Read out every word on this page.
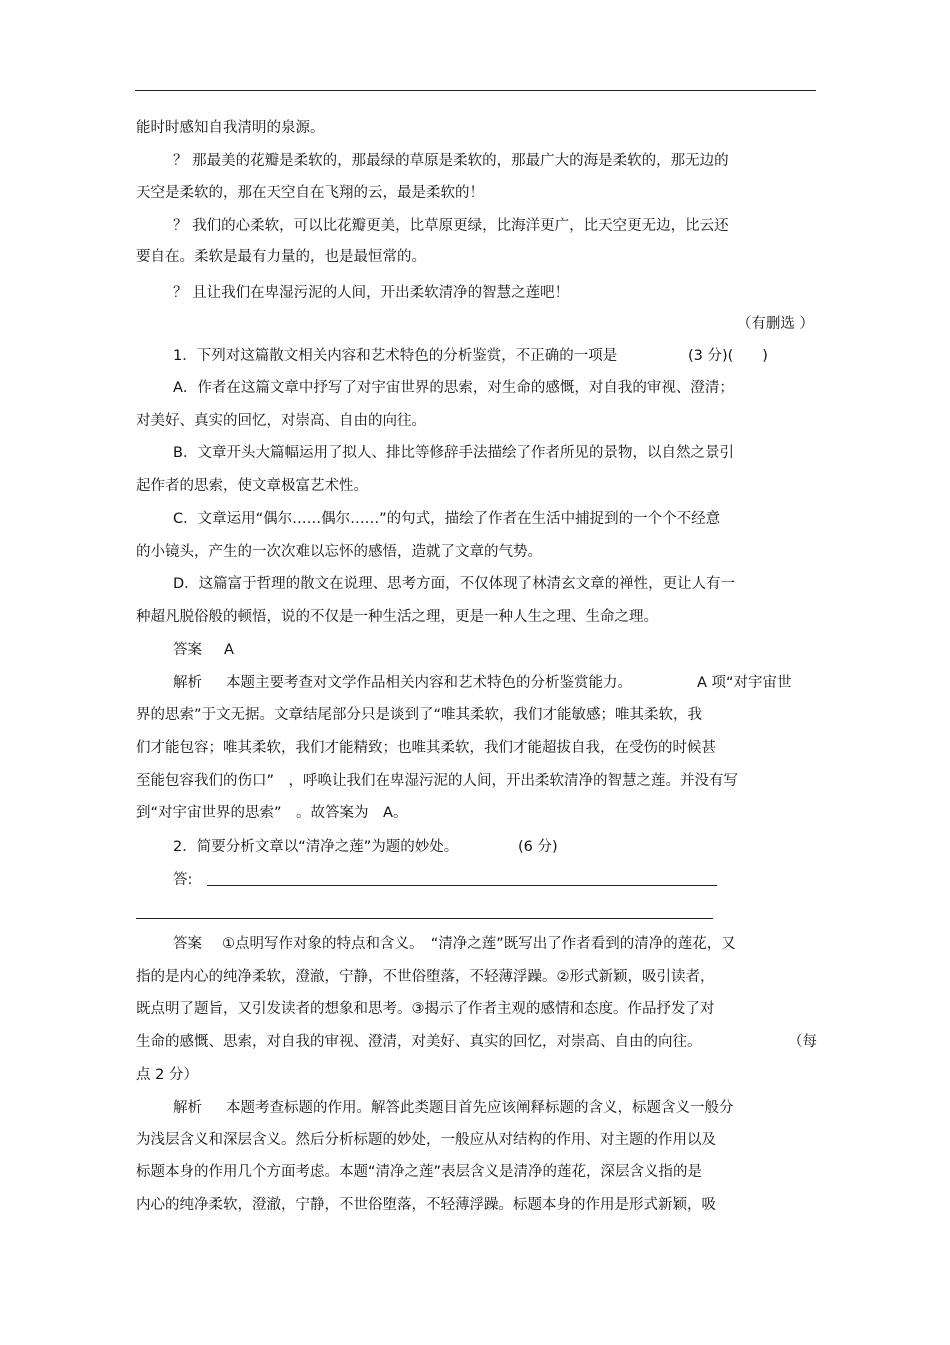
能时时感知自我清明的泉源。
？ 那最美的花瓣是柔软的，那最绿的草原是柔软的，那最广大的海是柔软的，那无边的
天空是柔软的，那在天空自在飞翔的云，最是柔软的！
？ 我们的心柔软，可以比花瓣更美，比草原更绿，比海洋更广，比天空更无边，比云还
要自在。柔软是最有力量的，也是最恒常的。
？ 且让我们在卑湿污泥的人间，开出柔软清净的智慧之莲吧！
（有删选 ）
1．下列对这篇散文相关内容和艺术特色的分析鉴赏，不正确的一项是	(3 分)(　　)
A．作者在这篇文章中抒写了对宇宙世界的思索，对生命的感慨，对自我的审视、澄清；
对美好、真实的回忆，对崇高、自由的向往。
B．文章开头大篇幅运用了拟人、排比等修辞手法描绘了作者所见的景物，以自然之景引
起作者的思索，使文章极富艺术性。
C．文章运用“偶尔……偶尔……”的句式，描绘了作者在生活中捕捉到的一个个不经意
的小镜头，产生的一次次难以忘怀的感悟，造就了文章的气势。
D．这篇富于哲理的散文在说理、思考方面，不仅体现了林清玄文章的禅性，更让人有一
种超凡脱俗般的顿悟，说的不仅是一种生活之理，更是一种人生之理、生命之理。
答案 A
解析 本题主要考查对文学作品相关内容和艺术特色的分析鉴赏能力。	A 项“对宇宙世
界的思索”于文无据。文章结尾部分只是谈到了“唯其柔软，我们才能敏感；唯其柔软，我
们才能包容；唯其柔软，我们才能精致；也唯其柔软，我们才能超拔自我，在受伤的时候甚
至能包容我们的伤口”　，呼唤让我们在卑湿污泥的人间，开出柔软清净的智慧之莲。并没有写
到“对宇宙世界的思索”　。故答案为　A。
2．简要分析文章以“清净之莲”为题的妙处。	(6 分)
答:
答案 ①点明写作对象的特点和含义。　“清净之莲”既写出了作者看到的清净的莲花，又
指的是内心的纯净柔软，澄澈，宁静，不世俗堕落，不轻薄浮躁。②形式新颖，吸引读者，
既点明了题旨，又引发读者的想象和思考。③揭示了作者主观的感情和态度。作品抒发了对
生命的感慨、思索，对自我的审视、澄清，对美好、真实的回忆，对崇高、自由的向往。	（每
点 2 分）
解析 本题考查标题的作用。解答此类题目首先应该阐释标题的含义，标题含义一般分
为浅层含义和深层含义。然后分析标题的妙处，一般应从对结构的作用、对主题的作用以及
标题本身的作用几个方面考虑。本题“清净之莲”表层含义是清净的莲花，深层含义指的是
内心的纯净柔软，澄澈，宁静，不世俗堕落，不轻薄浮躁。标题本身的作用是形式新颖，吸
